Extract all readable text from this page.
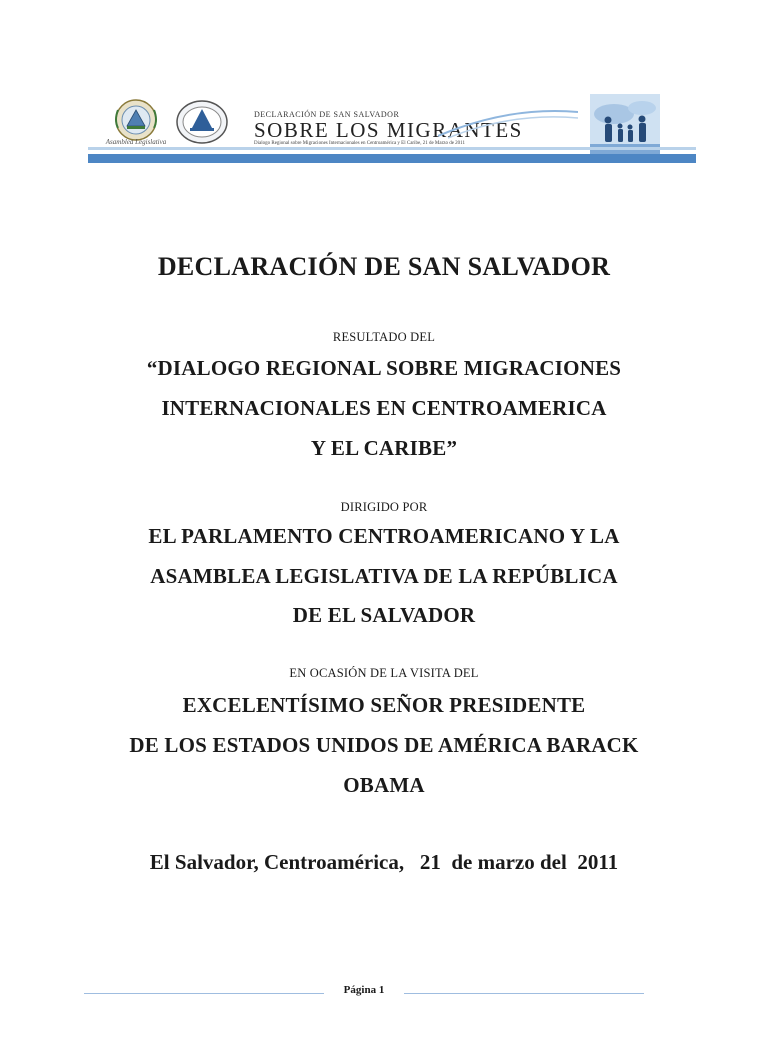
Asamblea Legislativa
DECLARACIÓN DE SAN SALVADOR
SOBRE LOS MIGRANTES
Dialogo Regional sobre Migraciones Internacionales en Centroamérica y El Caribe, 21 de Marzo de 2011
DECLARACIÓN DE SAN SALVADOR
RESULTADO DEL
“DIALOGO REGIONAL SOBRE MIGRACIONES
INTERNACIONALES EN CENTROAMERICA
Y EL CARIBE”
DIRIGIDO POR
EL PARLAMENTO CENTROAMERICANO Y LA
ASAMBLEA LEGISLATIVA DE LA REPÚBLICA
DE EL SALVADOR
EN OCASIÓN DE LA VISITA DEL
EXCELENTÍSIMO SEÑOR PRESIDENTE
DE LOS ESTADOS UNIDOS DE AMÉRICA BARACK
OBAMA
El Salvador, Centroamérica,   21  de marzo del  2011
Página 1
